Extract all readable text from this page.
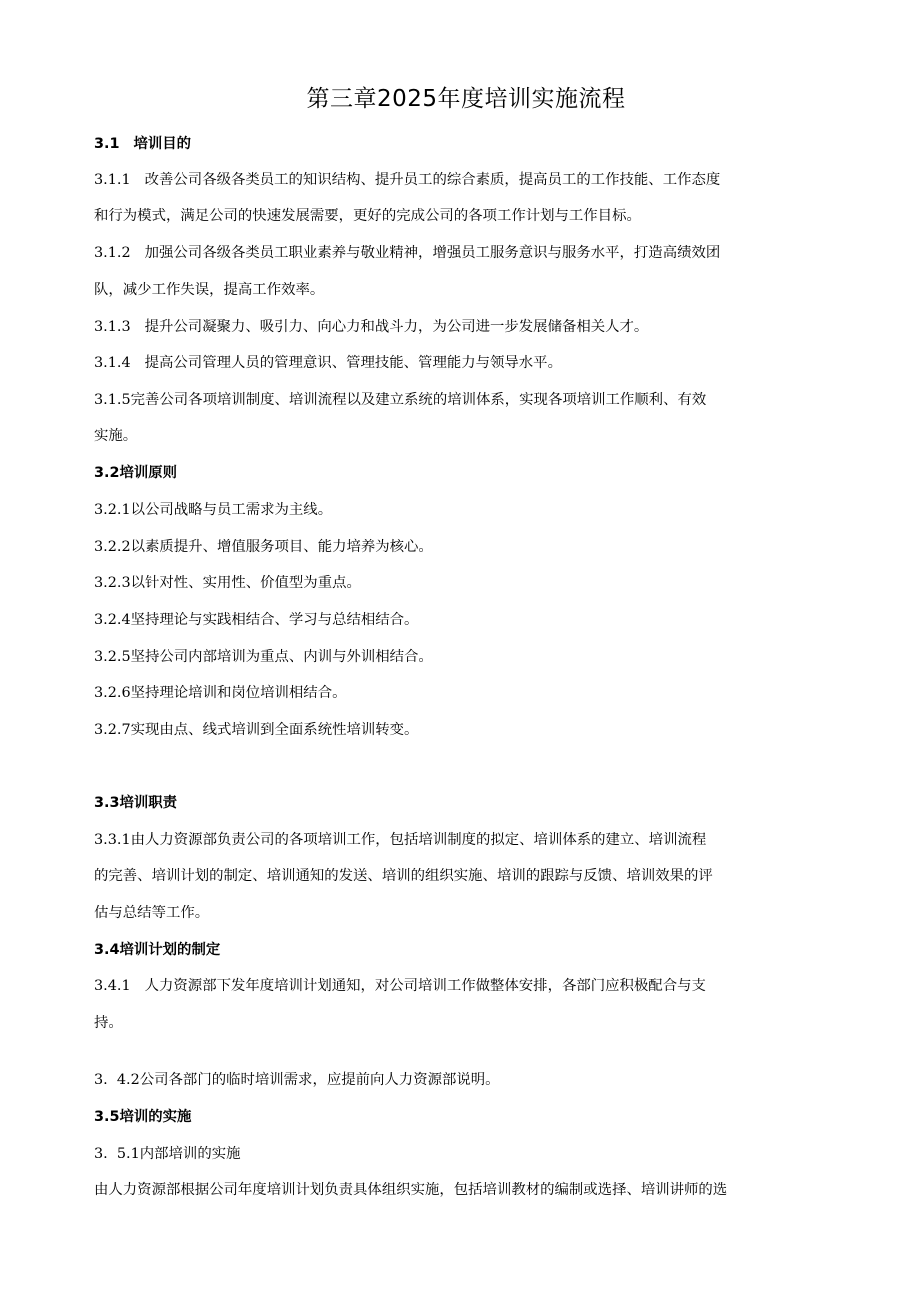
第三章2025年度培训实施流程
3.1 培训目的
3.1.1 改善公司各级各类员工的知识结构、提升员工的综合素质，提高员工的工作技能、工作态度
和行为模式，满足公司的快速发展需要，更好的完成公司的各项工作计划与工作目标。
3.1.2 加强公司各级各类员工职业素养与敬业精神，增强员工服务意识与服务水平，打造高绩效团
队，减少工作失误，提高工作效率。
3.1.3 提升公司凝聚力、吸引力、向心力和战斗力，为公司进一步发展储备相关人才。
3.1.4 提高公司管理人员的管理意识、管理技能、管理能力与领导水平。
3.1.5完善公司各项培训制度、培训流程以及建立系统的培训体系，实现各项培训工作顺利、有效
实施。
3.2培训原则
3.2.1以公司战略与员工需求为主线。
3.2.2以素质提升、增值服务项目、能力培养为核心。
3.2.3以针对性、实用性、价值型为重点。
3.2.4坚持理论与实践相结合、学习与总结相结合。
3.2.5坚持公司内部培训为重点、内训与外训相结合。
3.2.6坚持理论培训和岗位培训相结合。
3.2.7实现由点、线式培训到全面系统性培训转变。
3.3培训职责
3.3.1由人力资源部负责公司的各项培训工作，包括培训制度的拟定、培训体系的建立、培训流程
的完善、培训计划的制定、培训通知的发送、培训的组织实施、培训的跟踪与反馈、培训效果的评
估与总结等工作。
3.4培训计划的制定
3.4.1 人力资源部下发年度培训计划通知，对公司培训工作做整体安排，各部门应积极配合与支
持。
3.  4.2公司各部门的临时培训需求，应提前向人力资源部说明。
3.5培训的实施
3.  5.1内部培训的实施
由人力资源部根据公司年度培训计划负责具体组织实施，包括培训教材的编制或选择、培训讲师的选
